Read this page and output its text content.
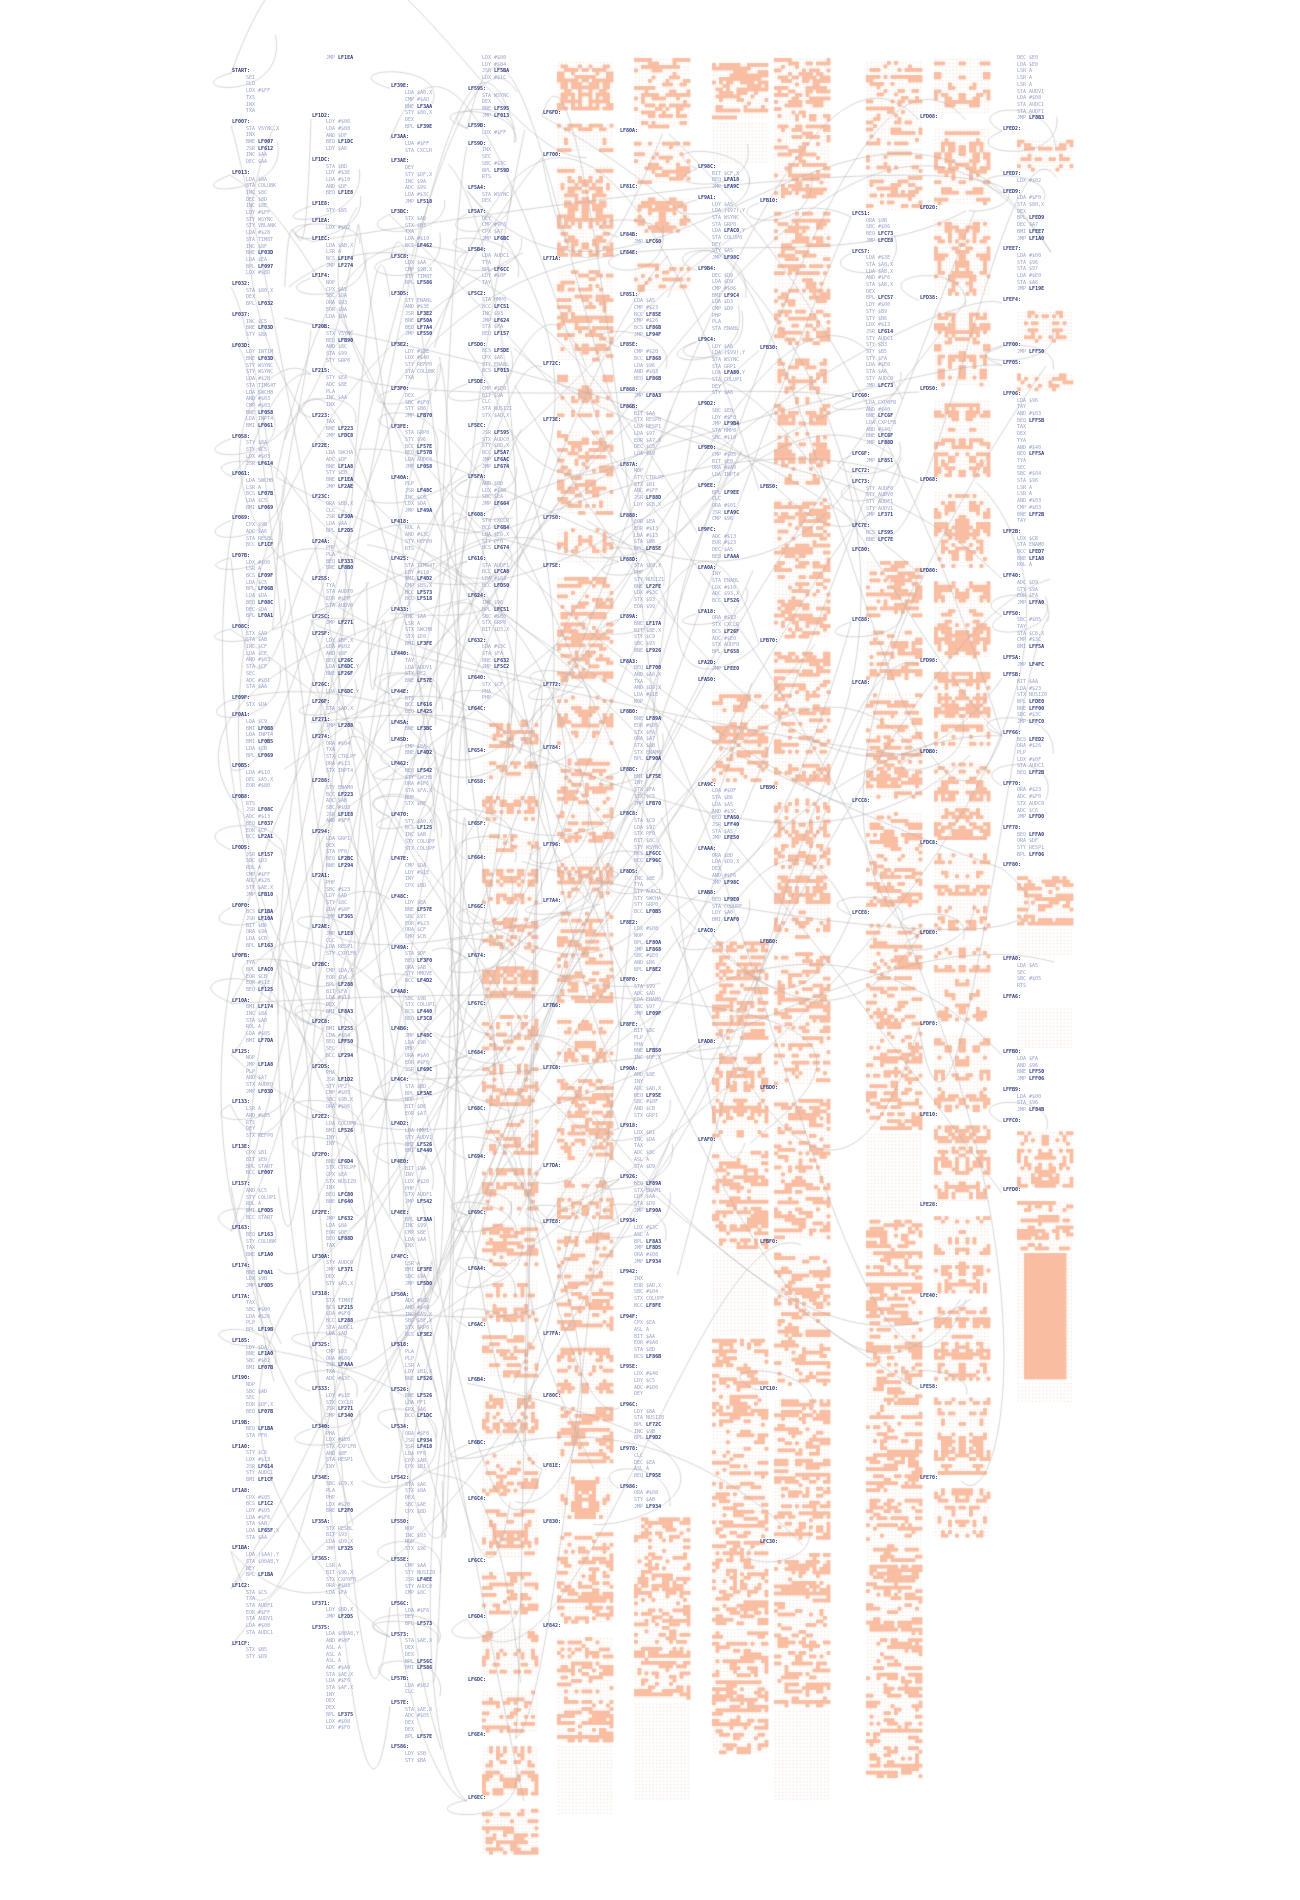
START:
SEI
CLD
LDX #$FF
TXS
INX
TXA
LF007:
STA VSYNC,X
INX
BNE LF007
JSR LF612
INC $AA
DEC $AA
LF013:
LDA $8A
STA COLUBK
INC $8C
DEC $8D
INC $8E
LDY #$FF
STY WSYNC
STY VBLANK
LDA #$28
STA TIM8T
INC $8F
BNE LF03D
LDA $EA
BPL LF097
LDX #$8D
LF032:
STA $80,X
DEX
BPL LF032
LF037:
INC $C5
BNE LF03D
STY $8A
LF03D:
LDY INTIM
BNE LF03D
STY WSYNC
STY WSYNC
LDA #$2B
STA TIM64T
LDA SWCHB
AND #$03
CMP #$03
BNE LF058
LDA INPT4
BMI LF061
LF058:
STY $8A
STY $C5
LDX #$03
JSR LF614
LF061:
LDA SWCHB
LSR A
BCS LF07B
LDA $C5
BMI LF069
LF069:
CPX $9B
ADC $A6
STA RESBL
BCC LF1CF
LF07B:
LDX #$00
LSR A
BCS LF09F
LDA $C5
BPL LF06B
LDA $DA
BEQ LF08C
DEC $DA
BPL LF0A1
LF08C:
STX $A9
STA $AB
INC $CF
LDA $CF
AND #$03
STA $CF
SEC
ADC #$01
STA $AA
LF09F:
STX $DA
LF0A1:
LDA $C9
BMI LF0B8
LDA INPT4
BMI LF0B5
LDA $CB
BPL LF069
LF0B5:
LDA #$10
DEC $A5,X
EOR #$80
LF0B8:
RTS
JSR LF08C
ADC #$13
BEQ LF037
EOR $CF
BCC LF2A1
LF0D5:
JSR LF157
SBC $D3
ROL A
CMP #$FF
ADC #$26
STY $AE,X
JMP LFB10
LF0F0:
BCS LF1BA
JSR LF10A
BIT $B6
ORA $9A
LDA $CB
BPL LF163
LF0FB:
TYA
BPL LFAC0
EOR $CB
EOR #$1E
BEQ LF125
LF10A:
BMI LF174
INC $8A
STA $A0
ROL A
LDA #$05
BMI LF7DA
LF125:
NOP
JMP LF1A8
PLP
AND $A7
STX AUDF0
JMP LF03D
LF133:
LSR A
AND #$05
RTS
DEY
STX REFP0
LF13E:
CPX $B1
BIT $E0
BPL START
BCC LF007
LF157:
AND $C5
STY COLUP1
ROL A
BMI LF0D5
BCC START
LF163:
BEQ LF163
STY COLUBK
TAX
BNE LF1A0
LF174:
BNE LF0A1
LDX $9B
JMP LF0D5
LF17A:
TAX
SBC #$00
LDA #$26
PLP
BPL LF19B
LF185:
LDY $DA
BNE LF1A0
SBC #$02
BMI LF07B
LF190:
NOP
SBC $AD
SEC
EOR $DF,X
BEQ LF07B
LF19B:
BEQ LF1BA
STA PF0
LF1A0:
STY $C6
LDX #$13
JSR LF614
STY AUDC1
BMI LF1CF
LF1A8:
CPX #$05
BCS LF1C2
LDY #$05
LDA #$F6
STA $AB
LDA LF65F,X
STA $AA
LF1BA:
LDA ($AA),Y
STA $00A8,Y
DEY
BPL LF1BA
LF1C2:
STA $C5
TXA
STA AUDF1
EOR #$FF
STA AUDV1
LDA #$08
STA AUDC1
LF1CF:
STX $B5
STY $D9
JMP LF1EA
LF1D2:
LDY #$06
LDA #$08
AND $DF
BEQ LF1DC
LDY $A6
LF1DC:
STA $BD
LDY #$3E
LDA #$10
AND $DF
BEQ LF1E8
LF1E8:
STY $85
LF1EA:
LDX #$02
LF1EC:
LDA $AB,X
LSR A
BCS LF1F4
JMP LF274
LF1F4:
NOP
CPX $A5
SBC $DA
ORA $93
EOR $9A
LDA $DA
LF20B:
STX VSYNC
BEQ LFB90
AND $8C
STA $99
STY GRP0
LF215:
STY $EA
ADC $8E
PLA
INC $AA
INX
LF223:
TAX
BNE LF223
JMP LFDC8
LF22E:
LDA SWCHA
ADC $DF
BNE LF1A8
STY $E0
BNE LF1EA
JMP LF2AE
LF23C:
ORA $BD,X
CLC
JSR LF30A
LDA $AA
BPL LF2D5
LF24A:
PHP
PLA
BEQ LF333
BNE LF8B0
LF255:
TYA
STA AUDF0
EOR #$FF
STA AUDV0
LF25C:
JMP LF271
LF25F:
LDY $BF,X
LDA #$02
AND $8F
BEQ LF26C
LDA LF6DC,Y
BNE LF26F
LF26C:
LDA LF6DC,Y
LF26F:
STA $AD,X
LF271:
JMP LF288
LF274:
ORA #$04
TXA
STX CTRLPF
ORA #$13
STX INPT4
LF288:
STY ENAM0
BCC LF223
ADC $AB
SBC #$03
JSR LF1E8
AND #$FF
LF294:
LDA GRP1
DEX
STA PF0
BEQ LF2BC
BNE LF294
LF2A1:
PHP
SBC #$23
LDY $AD
STY $8C
LDA #$0F
JMP LF365
LF2AE:
JMP LF1E8
CLC
LDA RESP1
STY CXP1FB
LF2BC:
CMP $DA,X
EOR $DA
BPL LF288
BIT $FA
LDA #$13
DEX
BMI LF8A3
LF2C8:
BMI LF255
LDA #$04
BEQ LFF50
SEC
BCC LF294
LF2D5:
PHA
JSR LF1D2
STY PF2
CMP #$05
SBC $9B,X
ORA #$06
LF2E2:
LDA COLUP0
BMI LF526
INY
INY
LF2F0:
BNE LF6D4
STX CTRLPF
CPX $EA
STX NUSIZ0
INX
BEQ LFC80
BNE LF640
LF2FE:
JMP LF632
LDA $8A
EOR $DF
BEQ LF88D
TAX
LF30A:
STY AUDC0
JMP LF371
DEX
STY $A5,X
LF318:
STX TIM8T
BCS LF215
LDA #$F0
BCC LF288
STA AUDC1
LDA $AD
LF325:
CMP $D3
ORA #$06
JSR LFAAA
TXA
ADC #$3C
LF333:
LDY #$1E
STX CXCLR
JSR LF271
JMP LF340
LF340:
PHA
LDX #$E0
STX CXP1FB
AND $8F
STA RESP1
INY
LF34E:
SBC $C9,X
PLA
PHP
LDX #$20
BNE LF2F0
LF35A:
STX RESBL
BIT $93
LDA $D9,X
JMP LF325
LF365:
LSR A
BIT $96,X
STX CXP0FB
ORA #$03
LDA $FA
LF371:
LDY $BD,X
JMP LF2D5
LF375:
LDA $00A8,Y
AND #$0F
ASL A
ASL A
ASL A
ADC #$A0
STA $AE,X
LDA #$F6
STA $AF,X
INY
DEX
DEX
BPL LF375
LDX #$08
LDY #$F0
LF39E:
LDA $A0,X
CMP #$AD
BNE LF3AA
STY $80,X
DEX
BPL LF39E
LF3AA:
LDA #$FF
STA CXCLR
LF3AE:
DEY
STY $DF,X
INC $9A
ADC $99
LDA #$3C
JMP LF518
LF3BC:
STX $AD
STX $D3
TXA
LDA #$10
BCS LF462
LF3C8:
LDX $AA
CMP $9B,X
STY TIM8T
BPL LF586
LF3D5:
STY ENABL
AND #$3E
JSR LF3E2
BNE LF50A
BEQ LF7A4
JMP LF550
LF3E2:
LDY #$3E
LDX #$40
STY REFP0
STA COLUBK
TXA
LF3F0:
DEX
SBC #$F0
STY $B6
JMP LFB70
LF3FE:
STA GRP0
STY $96
BCC LF57E
BEQ LF57B
LDA AUDC0
JMP LF058
LF40A:
PLP
JSR LF48C
INC $C6
LDX $DA
JMP LF49A
LF418:
ROL A
AND #$3C
STY REFP0
RTS
LF425:
STA TIM64T
LDY #$10
BMI LF4D2
CMP $B5,X
BCC LF573
BCC LF518
LF433:
INC $AA
LSR A
STX SWCHB
STX $E0
BMI LF3FE
LF440:
TAY
LDA AUDV1
STY PF2
BNE LF57E
LF44E:
RTS
BCC LF616
BEQ LF425
LF45A:
BNE LF3BC
LF45D:
CMP $8A
BNE LF4D2
LF462:
BEQ LF542
STY SWCHB
ORA #$F6
STA $FA,X
NOP
STX $8F
LF470:
STY $A0,X
BCS LF125
INC $AB
STY COLUPF
STX COLUPF
LF47E:
CMP $DA
LDY #$1E
INY
CPX $BD
LF48C:
LDY $EA
BNE LF57E
SBC $97
EOR #$23
ORA $CF
CMP $CB
LF49A:
STA $DF
BEQ LF3F0
ORA $AB
STY HMOVE
BCC LF4D2
LF4A8:
SBC $9B
STX COLUP1
BCS LF440
BEQ LF3C8
LF4B6:
JMP LF48C
LDA $9B
PHP
ORA #$A0
EOR #$F6
JSR LF69C
LF4C4:
STA $BD
BPL LF3AE
NOP
BIT $B6
EOR $A7
LF4D2:
LDA HMP1
STY AUDV1
BMI LF526
BMI LF440
LF4E0:
BIT $9A
INY
LDX #$20
PHP
STX AUDF1
JMP LF542
LF4EE:
BPL LF3AA
INC $99
CMP $8E
LDA $AA
INX
LF4FC:
LSR A
BMI LF3FE
SBC $9A
JMP LF5D0
LF50A:
ADC #$02
AND #$40
INC $A5,X
SBC $8F,X
STX GRP0
BCS LF3E2
LF518:
PLA
PLP
LSR A
LDY $B1,X
BNE LF526
LF526:
BNE LF526
LDA PF1
CPX $A6
BCC LF1DC
LF534:
ORA #$F0
JSR LF934
JSR LF418
LDA PF0
CPX $AB
CPX $B1
LF542:
STA $A6
STX $8A
DEX
SBC $AE
CPX $8D
LF550:
NOP
INC $93
NOP
STX $96
LF55E:
CMP $AA
STY NUSIZ0
JSR LF4EE
STY AUDC0
CMP $8C
LF56C:
LDA #$F6
DEY
BPL LF573
LF573:
STA $AE,X
DEX
DEX
BPL LF56C
BMI LF586
LF57B:
LDA #$02
CLC
LF57E:
STA $AE,X
ADC #$05
DEX
DEX
BPL LF57E
LF586:
LDY $5B
STY $BA
LDX #$00
LDY #$04
JSR LF5BA
LDX #$1C
LF595:
STA WSYNC
DEX
BNE LF595
JMP LF013
LF59B:
LDX #$FF
LF59D:
INX
SEC
SBC #$3C
BPL LF59D
RTS
LF5A4:
STA WSYNC
DEX
LF5A7:
DEY
CMP #$F6
CPX $A7
JMP LF6BC
LF5B4:
LDA AUDC1
TYA
BPL LF6CC
LDY #$0F
TAY
LF5C2:
STA HMP0
BCC LFC51
INC $93
JMP LF624
STX $FA
BEQ LF157
LF5D0:
BCS LF5DE
CPX $A6
STY ENABL
BCS LF013
LF5DE:
CMP #$E0
BIT $9A
CLC
STA NUSIZ1
STX $AD,X
LF5EC:
JSR LF595
STX AUDC0
STY $BD,X
BCC LF5A7
JMP LF6AC
JMP LF674
LF5FA:
AND $BD
LDX #$40
SBC $EA
JMP LF664
LF608:
STX CXCLR
BCC LF6B4
LDA $E0,X
STY PF0
BCS LF674
LF616:
STA AUDF1
BCC LFCA8
LDA #$03
BCC LFD50
LF624:
INC $96
BPL LFC51
SBC #$E0
STX GRP0
BIT $D3,X
LF632:
LDA #$3C
STA $FA
BNE LF632
JMP LF5C2
LF640:
STX $CF
PHA
PHP
LF64C:
LF654:
LF658:
LF65F:
LF664:
LF66C:
LF674:
LF67C:
LF684:
LF68C:
LF694:
LF69C:
LF6A4:
LF6AC:
LF6B4:
LF6BC:
LF6C4:
LF6CC:
LF6D4:
LF6DC:
LF6E4:
LF6EC:
LF6FD:
LF700:
LF71A:
LF72C:
LF73E:
LF750:
LF75E:
LF772:
LF784:
LF796:
LF7A4:
LF7B6:
LF7C8:
LF7DA:
LF7E8:
LF7FA:
LF80C:
LF81E:
LF830:
LF842:
LF80A:
LF81C:
LF84B:
JMP LFC60
LF84E:
LF851:
LDA $A5
CMP #$23
BCC LF85E
CMP #$26
BCS LF86B
JMP LF94F
LF85E:
CMP #$20
BCC LF868
LDA $96
AND #$03
BEQ LF86B
LF868:
JMP LF8A3
LF86B:
BIT $AA
STX RESP0
LDA RESP1
LDA $97
EOR $A7,X
DEC $C5
LDA $A0
LF87A:
NOP
STY CTRLPF
STX $B1
ADC #$FF
JSR LF88D
LDY $CB,X
LF888:
EOR $EA
EOR #$13
LDA #$13
STA $B6
BPL LF85E
LF88D:
STA $E0,X
PHP
STY NUSIZ1
BNE LF2FE
LDX #$3C
STX $93
EOR $99
LF89A:
BNE LF17A
BIT $8E,X
STY $C9
SBC $93
BNE LF926
LF8A3:
BEQ LF700
AND $A0,X
TXA
AND $D9,X
LDA #$1E
NOP
LF8B0:
BNE LF89A
EOR #$05
STX $FA
ORA $A7
STX $AB
STX ENAM0
BPL LF90A
LF8BC:
BMI LF75E
INY
STX $FA
STX $C5
JMP LFB70
LF8C8:
STA $C9
LDA $97
STX PF0
BIT $8C
STY WSYNC
BCS LF6CC
BCC LF96C
LF8D5:
INC $8E
TYA
STY AUDC1
STY SWCHA
STY GRP0
BCC LF0B5
LF8E2:
LDX #$08
NOP
BPL LF80A
JMP LF868
SBC #$E0
AND $B6
BPL LF8E2
LF8F0:
STA $99
ADC $AD
LDA ENAM0
SBC $97
JMP LF09F
LF8FE:
BIT $8C
PLP
PHA
BNE LFB50
INC $DF,X
LF90A:
AND $8E
INY
ADC $AD,X
BEQ LF95E
SBC #$0F
AND $CB
STX GRP1
LF918:
LDX $B1
INC $DA
TAX
ADC $8C
ASL A
STA $D9
LF926:
BEQ LF89A
STX ENAM1
LDY $AA
STA $D9
JMP LF90A
LF934:
LDX #$3C
ASL A
BPL LF8A3
JMP LF8D5
ORA #$08
JMP LF934
LF942:
INX
EOR $AD,X
SBC #$04
STX COLUPF
BCC LF8FE
LF94F:
CPX $EA
ASL A
BIT $AA
EOR #$A0
STA $8D
BCS LF86B
LF95E:
LDX #$40
LDY $C5
ADC #$00
DEY
LF96C:
LDY $8A
STA NUSIZ0
BPL LF72C
INC $9B
BPL LF9D2
LF978:
CLC
DEC $EA
ASL A
BEQ LF95E
LF986:
ORA #$08
STY $AB
JMP LF934
LF98C:
BIT $CF,X
BEQ LFA18
JMP LFA9C
LF9A1:
LDY $A5
LDA ($97),Y
STA WSYNC
STA GRP0
LDA LFAC0,Y
STA COLUP0
DEY
STY $A5
JMP LF98C
LF9B4:
DEC $D9
LDA $D9
CMP #$06
BMI LF9C4
LDA $D3
CMP $D9
PHP
PLA
STA ENABL
LF9C4:
LDY $A6
LDA ($99),Y
STA WSYNC
STA GRP1
LDA LFA80,Y
STA COLUP1
DEY
STY $A6
LF9D2:
SBC $E0
LDY #$F0
JMP LF9B4
STA HMP0
SBC #$10
LF9E0:
CMP #$05
BIT $E0
ORA #$A0
LDA INPT4
LF9EE:
BPL LF9EE
CLC
ORA #$01
JSR LFA9C
CMP $96
LF9FC:
ADC #$13
EOR #$23
DEC $A5
BEQ LFAAA
LFA0A:
INY
STA ENABL
LDX #$10
ADC $93,X
BCC LF526
LFA18:
ORA #$13
STX CXCLR
BCS LF26F
ADC #$E0
STX AUDF0
BPL LF658
LFA2D:
JMP LFEE0
LFA50:
LFA9C:
LDA #$0F
STA $B6
LDA $A5
AND #$3C
BEQ LFA50
JSR LFF40
STA $A5
JMP LFE50
LFAAA:
ORA $8D
LDA $D9,X
DEX
AND #$F6
JMP LF98C
LFAB8:
BEQ LF9E0
STA COLUPF
LDY $A0
BMI LFAF0
LFAC0:
LFAD8:
LFAF0:
LFB10:
LFB30:
LFB50:
LFB70:
LFB90:
LFBB0:
LFBD0:
LFBF0:
LFC10:
LFC30:
LFC51:
ORA $9B
SBC #$06
BEQ LFC73
JMP LFCE8
LFC57:
LDA #$3E
STA $A0,X
LDA $AB,X
AND #$F6
STA $AB,X
DEX
BPL LFC57
LDY #$00
STY $B9
STY $B6
LDX #$13
JSR LF614
STY AUDC1
STY $B3
STY $B5
STY $FA
LDA #$E0
STA $A6
STY AUDC0
JMP LFC73
LFC60:
LDA CXP0FB
AND #$40
BNE LFC6F
LDA CXP1FB
AND #$40
BNE LFC6F
JMP LF88D
LFC6F:
JMP LF851
LFC72:
LFC73:
STY AUDF0
STY AUDV0
STY AUDF1
STY AUDV1
JMP LF371
LFC7E:
BCS LF595
BNE LFC7E
LFC80:
LFC88:
LFCA8:
LFCC8:
LFCE8:
LFD08:
LFD20:
LFD38:
LFD50:
LFD68:
LFD80:
LFD98:
LFDB0:
LFDC8:
LFDE0:
LFDF8:
LFE10:
LFE28:
LFE40:
LFE58:
LFE70:
DEC $E0
LDA $E0
LSR A
LSR A
LSR A
STA AUDV1
LDA #$08
STA AUDC1
STA AUDF1
JMP LF8B3
LFED2:
LFED7:
LDX #$02
LFED9:
LDA #$F0
STA $80,X
DEX
BPL LFED9
DEC $A7
BMI LFEE7
JMP LF1A0
LFEE7:
LDA #$00
STA $96
STA $97
LDA #$E0
STA $A6
JMP LF19E
LFEF4:
LFF00:
JMP LFF50
LFF05:
LFF06:
LDA $96
TAY
AND #$03
BEQ LFF5B
TAX
DEX
TYA
AND #$40
BEQ LFF5A
TYA
SEC
SBC #$04
STA $96
LSR A
LSR A
AND #$03
CMP #$03
BNE LFF2B
TAY
LFF2B:
LDX $CB
STA ENAM0
BCC LFED7
BNE LF1A8
ROL A
LFF40:
ADC $D9
STY $9A
EOR $FA
JMP LFFA0
LFF50:
SBC #$05
TAY
STA $C6,X
CMP #$3C
BMI LFF5A
LFF5A:
JMP LF4FC
LFF5B:
BIT $AA
LDA #$23
STX NUSIZ0
BPL LFDE0
BNE LFF00
SBC #$3C
JMP LFFC0
LFF66:
BCS LFED2
ORA #$26
PLP
LDX #$0F
STA AUDC1
BEQ LFF2B
LFF70:
ORA #$23
ADC #$F0
STX AUDC0
ADC $C6
JMP LFFD0
LFF78:
BEQ LFFA0
ORA $DF
STY RESP1
BPL LFF06
LFF80:
LFFA0:
LDA $A5
SEC
SBC #$05
RTS
LFFA6:
LFFB0:
LDA $FA
AND $96
BNE LFF50
JMP LFF06
LFFB9:
LDA #$00
STA $96
JMP LF84B
LFFC0:
LFFD0:
